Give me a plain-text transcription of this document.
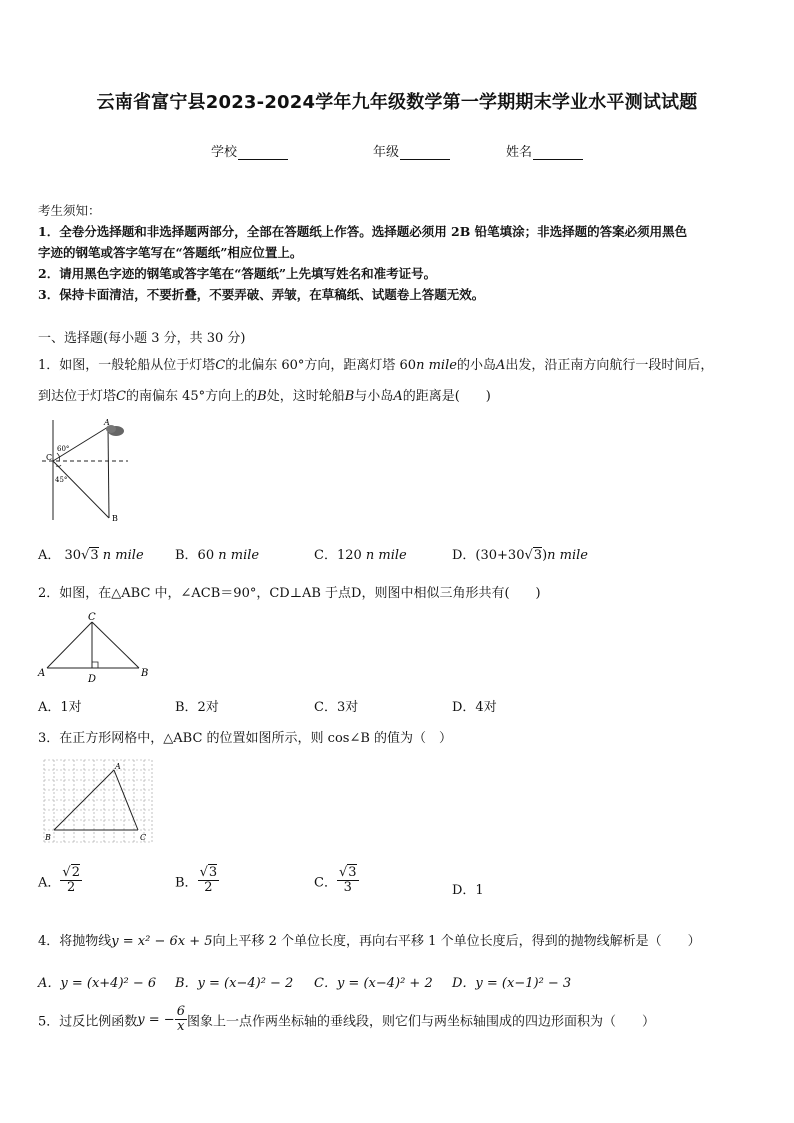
云南省富宁县2023-2024学年九年级数学第一学期期末学业水平测试试题
学校	年级	姓名
考生须知：
1．全卷分选择题和非选择题两部分，全部在答题纸上作答。选择题必须用 2B 铅笔填涂；非选择题的答案必须用黑色
字迹的钢笔或答字笔写在“答题纸”相应位置上。
2．请用黑色字迹的钢笔或答字笔在“答题纸”上先填写姓名和准考证号。
3．保持卡面清洁，不要折叠，不要弄破、弄皱，在草稿纸、试题卷上答题无效。
一、选择题(每小题 3 分，共 30 分)
1．如图，一般轮船从位于灯塔C的北偏东 60°方向，距离灯塔 60n mile的小岛A出发，沿正南方向航行一段时间后，
到达位于灯塔C的南偏东 45°方向上的B处，这时轮船B与小岛A的距离是(　　)
A
B
C
60°
45°
A． 30√3 n mile B．60 n mile	C．120 n mile	D．(30+30√3)n mile
2．如图，在△ABC 中，∠ACB＝90°，CD⊥AB 于点D，则图中相似三角形共有(　　)
A	B
C
D
A．1对	B．2对	C．3对	D．4对
3．在正方形网格中，△ABC 的位置如图所示，则 cos∠B 的值为（　）
A
B	C
A． $\frac{√2}{2}$	B． $\frac{√3}{2}$	C． $\frac{√3}{3}$	D．1
4．将抛物线y = x² − 6x + 5向上平移 2 个单位长度，再向右平移 1 个单位长度后，得到的抛物线解析是（　　）
A．y = (x+4)² − 6 B．y = (x−4)² − 2 C．y = (x−4)² + 2 D．y = (x−1)² − 3
5．过反比例函数y = − $\frac{6}{x}$ 图象上一点作两坐标轴的垂线段，则它们与两坐标轴围成的四边形面积为（　　）
